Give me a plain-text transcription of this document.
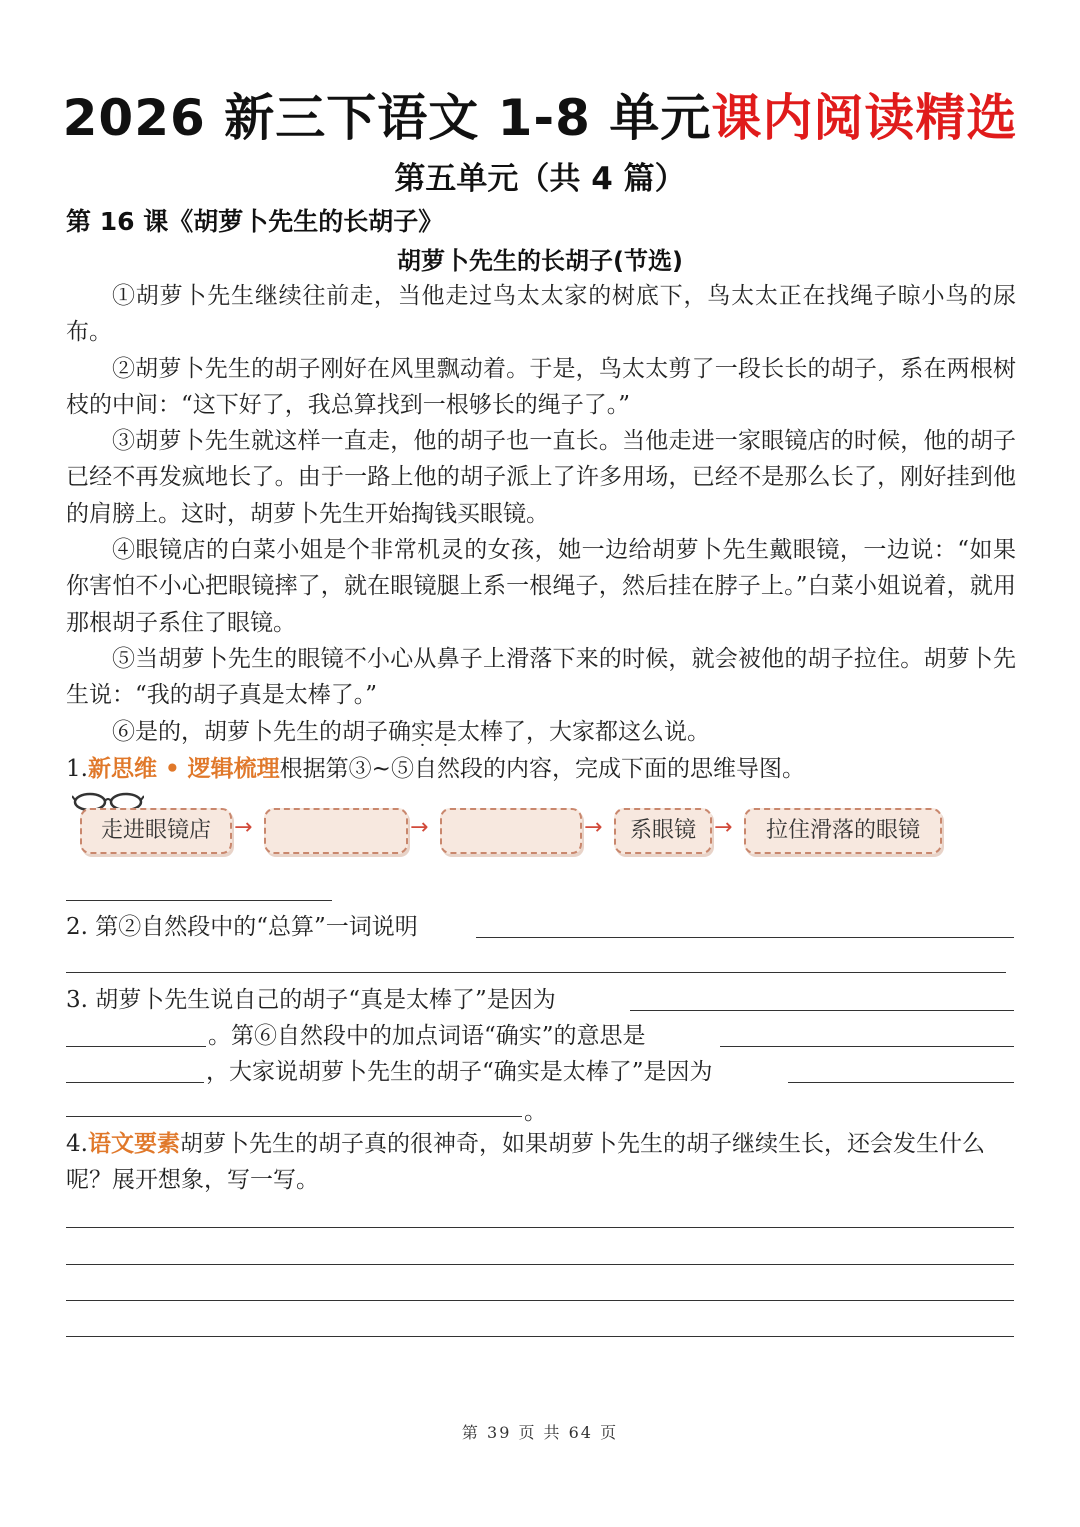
2026 新三下语文 1-8 单元课内阅读精选
第五单元（共 4 篇）
第 16 课《胡萝卜先生的长胡子》
胡萝卜先生的长胡子(节选)

①胡萝卜先生继续往前走，当他走过鸟太太家的树底下，鸟太太正在找绳子晾小鸟的尿布。

②胡萝卜先生的胡子刚好在风里飘动着。于是，鸟太太剪了一段长长的胡子，系在两根树枝的中间：“这下好了，我总算找到一根够长的绳子了。”

③胡萝卜先生就这样一直走，他的胡子也一直长。当他走进一家眼镜店的时候，他的胡子已经不再发疯地长了。由于一路上他的胡子派上了许多用场，已经不是那么长了，刚好挂到他的肩膀上。这时，胡萝卜先生开始掏钱买眼镜。

④眼镜店的白菜小姐是个非常机灵的女孩，她一边给胡萝卜先生戴眼镜，一边说：“如果你害怕不小心把眼镜摔了，就在眼镜腿上系一根绳子，然后挂在脖子上。”白菜小姐说着，就用那根胡子系住了眼镜。

⑤当胡萝卜先生的眼镜不小心从鼻子上滑落下来的时候，就会被他的胡子拉住。胡萝卜先生说：“我的胡子真是太棒了。”

⑥是的，胡萝卜先生的胡子确实是太棒了，大家都这么说。

1.新思维 • 逻辑梳理根据第③~⑤自然段的内容，完成下面的思维导图。
走进眼镜店	→	→	→	系眼镜 →	拉住滑落的眼镜
2. 第②自然段中的“总算”一词说明
3. 胡萝卜先生说自己的胡子“真是太棒了”是因为
。第⑥自然段中的加点词语“确实”的意思是
，大家说胡萝卜先生的胡子“确实是太棒了”是因为
。
4.语文要素胡萝卜先生的胡子真的很神奇，如果胡萝卜先生的胡子继续生长，还会发生什么呢？展开想象，写一写。
第 39 页 共 64 页
